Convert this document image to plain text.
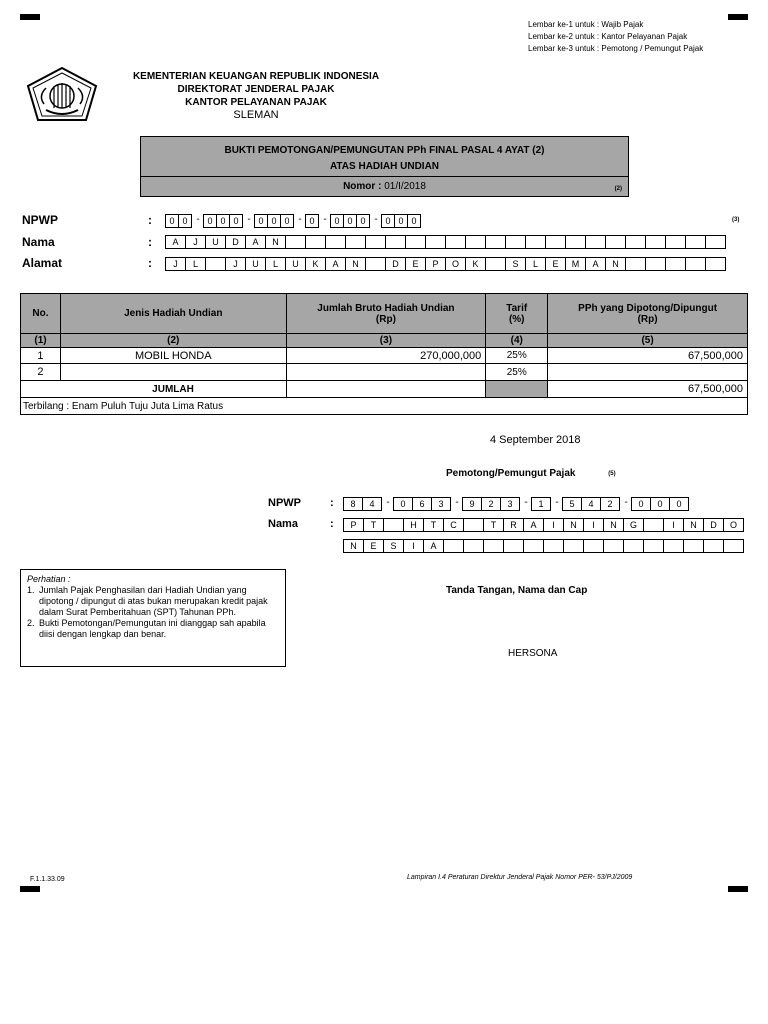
Lembar ke-1 untuk : Wajib Pajak
Lembar ke-2 untuk : Kantor Pelayanan Pajak
Lembar ke-3 untuk : Pemotong / Pemungut Pajak
KEMENTERIAN KEUANGAN REPUBLIK INDONESIA
DIREKTORAT JENDERAL PAJAK
KANTOR PELAYANAN PAJAK
SLEMAN
BUKTI PEMOTONGAN/PEMUNGUTAN PPh FINAL PASAL 4 AYAT (2)
ATAS HADIAH UNDIAN
Nomor : 01/I/2018	(2)
NPWP	:	0 0 - 0 0 0 - 0 0 0 - 0 - 0 0 0 - 0 0 0	(3)
Nama	:	A	J	U	D	A	N
Alamat	:	J	L	J	U	L	U	K	A	N	D	E	P	O	K	S	L	E	M	A	N
No.	Jenis Hadiah Undian	Jumlah Bruto Hadiah Undian
(Rp)	Tarif
(%)	PPh yang Dipotong/Dipungut
(Rp)
(1)	(2)	(3)	(4)	(5)
1	MOBIL HONDA	270,000,000	25%	67,500,000
2			25%	
	JUMLAH			67,500,000
Terbilang : Enam Puluh Tuju Juta Lima Ratus				
4 September 2018
Pemotong/Pemungut Pajak	(5)
NPWP	:	8	4	-	0	6	3	-	9	2	3	-	1	-	5	4	2	-	0	0	0
Nama	:	P	T	H	T	C	T	R	A	I	N	I	N	G	I	N	D	O
N	E	S	I	A
Perhatian :
1. Jumlah Pajak Penghasilan dari Hadiah Undian yang dipotong / dipungut di atas bukan merupakan kredit pajak dalam Surat Pemberitahuan (SPT) Tahunan PPh.
2. Bukti Pemotongan/Pemungutan ini dianggap sah apabila diisi dengan lengkap dan benar.
Tanda Tangan, Nama dan Cap
HERSONA
F.1.1.33.09	Lampiran I.4 Peraturan Direktur Jenderal Pajak Nomor PER- 53/PJ/2009
